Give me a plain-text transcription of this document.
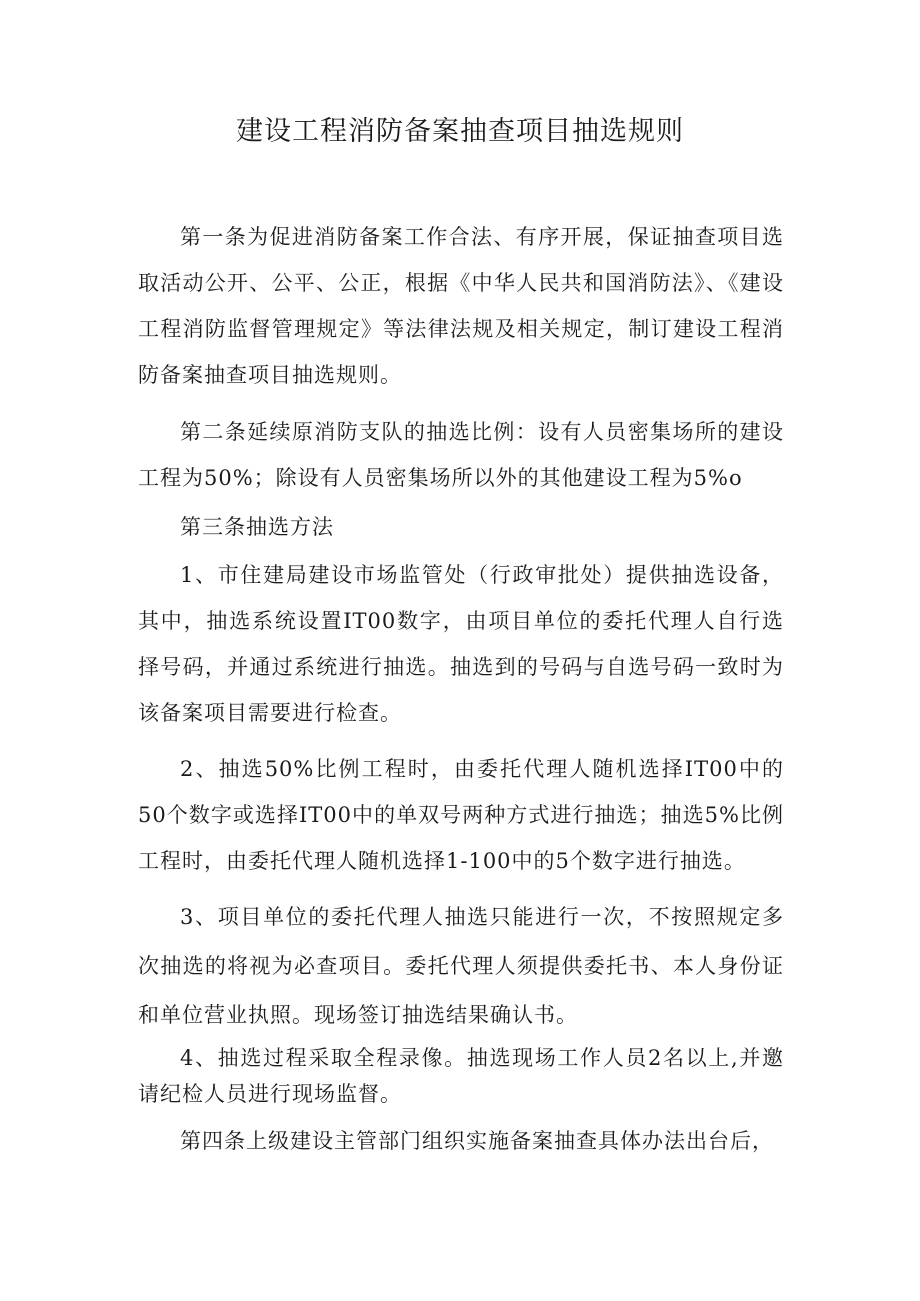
建设工程消防备案抽查项目抽选规则

第一条为促进消防备案工作合法、有序开展，保证抽查项目选取活动公开、公平、公正，根据《中华人民共和国消防法》、《建设工程消防监督管理规定》等法律法规及相关规定，制订建设工程消防备案抽查项目抽选规则。

第二条延续原消防支队的抽选比例：设有人员密集场所的建设工程为50%；除设有人员密集场所以外的其他建设工程为5%o

第三条抽选方法

1、市住建局建设市场监管处（行政审批处）提供抽选设备，其中，抽选系统设置IT00数字，由项目单位的委托代理人自行选择号码，并通过系统进行抽选。抽选到的号码与自选号码一致时为该备案项目需要进行检查。

2、抽选50%比例工程时，由委托代理人随机选择IT00中的50个数字或选择IT00中的单双号两种方式进行抽选；抽选5%比例工程时，由委托代理人随机选择1-100中的5个数字进行抽选。

3、项目单位的委托代理人抽选只能进行一次，不按照规定多次抽选的将视为必查项目。委托代理人须提供委托书、本人身份证和单位营业执照。现场签订抽选结果确认书。

4、抽选过程采取全程录像。抽选现场工作人员2名以上,并邀请纪检人员进行现场监督。

第四条上级建设主管部门组织实施备案抽查具体办法出台后，
